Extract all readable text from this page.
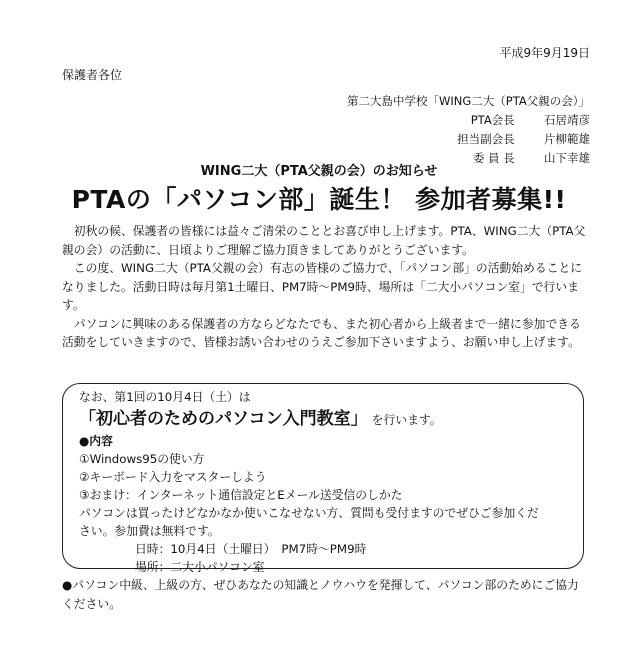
平成9年9月19日
保護者各位
第二大島中学校「WING二大（PTA父親の会）」
PTA会長	石居靖彦
担当副会長	片柳範雄
委 員 長	山下幸雄
WING二大（PTA父親の会）のお知らせ
PTAの「パソコン部」誕生！ 参加者募集!!

初秋の候、保護者の皆様には益々ご清栄のこととお喜び申し上げます。PTA、WING二大（PTA父親の会）の活動に、日頃よりご理解ご協力頂きましてありがとうございます。

この度、WING二大（PTA父親の会）有志の皆様のご協力で、「パソコン部」の活動始めることになりました。活動日時は毎月第1土曜日、PM7時〜PM9時、場所は「二大小パソコン室」で行います。

パソコンに興味のある保護者の方ならどなたでも、また初心者から上級者まで一緒に参加できる活動をしていきますので、皆様お誘い合わせのうえご参加下さいますよう、お願い申し上げます。

なお、第1回の10月4日（土）は
「初心者のためのパソコン入門教室」 を行います。
●内容
①Windows95の使い方
②キーボード入力をマスターしよう
③おまけ：インターネット通信設定とEメール送受信のしかた
パソコンは買ったけどなかなか使いこなせない方、質問も受付ますのでぜひご参加くだ
さい。参加費は無料です。
日時：10月4日（土曜日）　PM7時〜PM9時
場所：二大小パソコン室
●パソコン中級、上級の方、ぜひあなたの知識とノウハウを発揮して、パソコン部のためにご協力ください。
